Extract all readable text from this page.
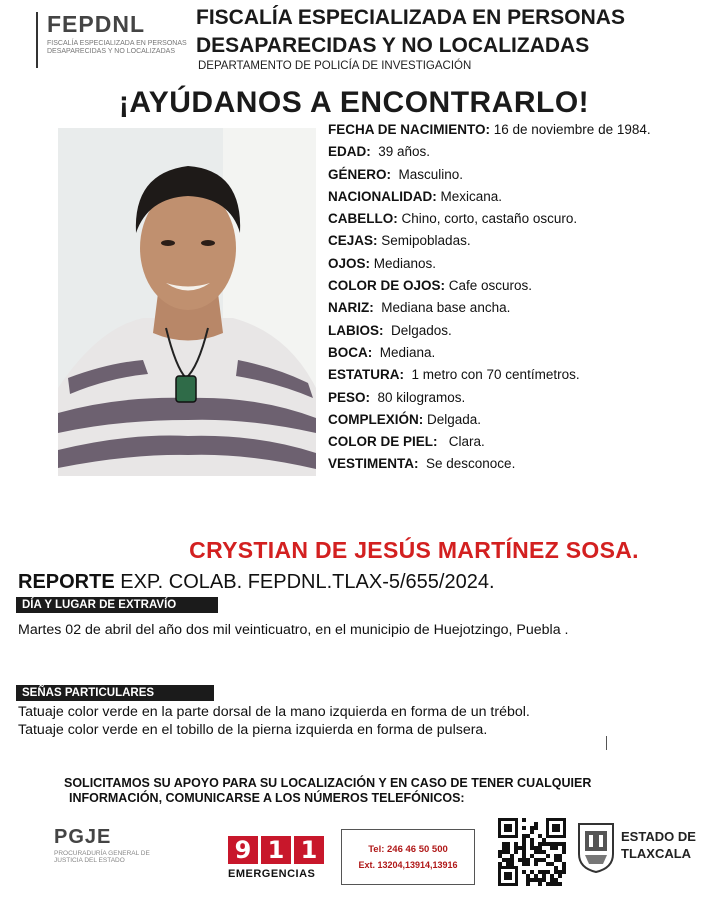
FEPDNL
FISCALÍA ESPECIALIZADA EN PERSONAS DESAPARECIDAS Y NO LOCALIZADAS
FISCALÍA ESPECIALIZADA EN PERSONAS
DESAPARECIDAS Y NO LOCALIZADAS
DEPARTAMENTO DE POLICÍA DE INVESTIGACIÓN
¡AYÚDANOS A ENCONTRARLO!
FECHA DE NACIMIENTO: 16 de noviembre de 1984.
EDAD:  39 años.
GÉNERO:  Masculino.
NACIONALIDAD: Mexicana.
CABELLO: Chino, corto, castaño oscuro.
CEJAS: Semipobladas.
OJOS: Medianos.
COLOR DE OJOS: Cafe oscuros.
NARIZ:  Mediana base ancha.
LABIOS:  Delgados.
BOCA:  Mediana.
ESTATURA:  1 metro con 70 centímetros.
PESO:  80 kilogramos.
COMPLEXIÓN: Delgada.
COLOR DE PIEL:   Clara.
VESTIMENTA:  Se desconoce.
CRYSTIAN DE JESÚS MARTÍNEZ SOSA.
REPORTE EXP. COLAB. FEPDNL.TLAX-5/655/2024.
DÍA Y LUGAR DE EXTRAVÍO
Martes 02 de abril del año dos mil veinticuatro, en el municipio de Huejotzingo, Puebla .
SEÑAS PARTICULARES
Tatuaje color verde en la parte dorsal de la mano izquierda en forma de un trébol.
Tatuaje color verde en el tobillo de la pierna izquierda en forma de pulsera.
SOLICITAMOS SU APOYO PARA SU LOCALIZACIÓN Y EN CASO DE TENER CUALQUIER
INFORMACIÓN, COMUNICARSE A LOS NÚMEROS TELEFÓNICOS:
PGJE
PROCURADURÍA GENERAL DE JUSTICIA DEL ESTADO	9 1 1
EMERGENCIAS
Tel: 246 46 50 500
Ext. 13204,13914,13916
ESTADO DE
TLAXCALA
